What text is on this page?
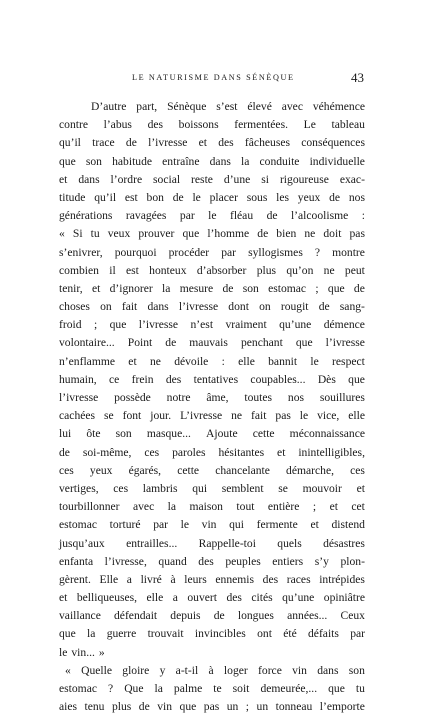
LE NATURISME DANS SÉNÈQUE	43
D’autre part, Sénèque s’est élevé avec véhémence
contre l’abus des boissons fermentées. Le tableau
qu’il trace de l’ivresse et des fâcheuses conséquences
que son habitude entraîne dans la conduite individuelle
et dans l’ordre social reste d’une si rigoureuse exac-
titude qu’il est bon de le placer sous les yeux de nos
générations ravagées par le fléau de l’alcoolisme :
« Si tu veux prouver que l’homme de bien ne doit pas
s’enivrer, pourquoi procéder par syllogismes ? montre
combien il est honteux d’absorber plus qu’on ne peut
tenir, et d’ignorer la mesure de son estomac ; que de
choses on fait dans l’ivresse dont on rougit de sang-
froid ; que l’ivresse n’est vraiment qu’une démence
volontaire... Point de mauvais penchant que l’ivresse
n’enflamme et ne dévoile : elle bannit le respect
humain, ce frein des tentatives coupables... Dès que
l’ivresse possède notre âme, toutes nos souillures
cachées se font jour. L’ivresse ne fait pas le vice, elle
lui ôte son masque... Ajoute cette méconnaissance
de soi-même, ces paroles hésitantes et inintelligibles,
ces yeux égarés, cette chancelante démarche, ces
vertiges, ces lambris qui semblent se mouvoir et
tourbillonner avec la maison tout entière ; et cet
estomac torturé par le vin qui fermente et distend
jusqu’aux entrailles... Rappelle-toi quels désastres
enfanta l’ivresse, quand des peuples entiers s’y plon-
gèrent. Elle a livré à leurs ennemis des races intrépides
et belliqueuses, elle a ouvert des cités qu’une opiniâtre
vaillance défendait depuis de longues années... Ceux
que la guerre trouvait invincibles ont été défaits par
le vin... »
« Quelle gloire y a-t-il à loger force vin dans son
estomac ? Que la palme te soit demeurée,... que tu
aies tenu plus de vin que pas un ; un tonneau l’emporte
